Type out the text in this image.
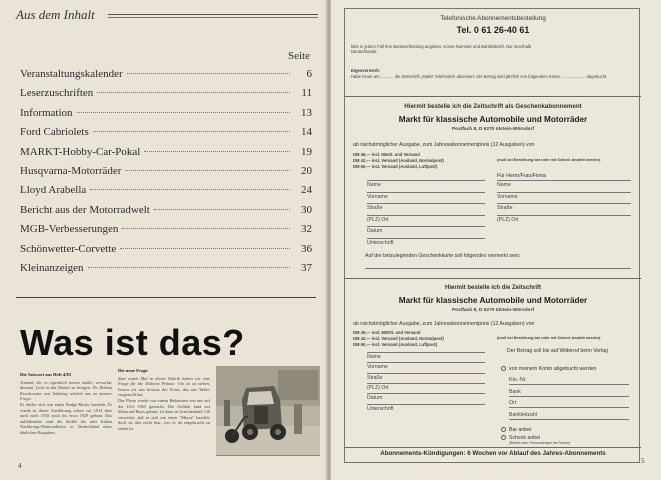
Aus dem Inhalt
Seite
Veranstaltungskalender	6
Leserzuschriften	11
Information	13
Ford Cabriolets	14
MARKT-Hobby-Car-Pokal	19
Husqvarna-Motorräder	20
Lloyd Arabella	24
Bericht aus der Motorradwelt	30
MGB-Verbesserungen	32
Schönwetter-Corvette	36
Kleinanzeigen	37
Was ist das?
Die Antwort aus Heft 4/83
Jemand, der es eigentlich wissen müßte, versuchte diesmal, Licht in das Dunkel zu bringen: Dr. Helmut Krackowizer aus Salzburg schrieb uns zu unserer Frage:
Es dürfte sich um einen Rudge-Motor handeln. Er wurde in dieser Ausführung schon vor 1914 aber auch nach 1918 noch bis etwa 1929 gebaut. Das auffallendste sind die Stößel der sehr frühen Nachkriegs-Motorradkarre in Deutschland eines ähnlichen Baujahres.
Die neue Frage
Zum ersten Mal in dieser Rubrik haben wir eine Frage für die Diskrete Prämie. Um zu zu ziehen, lassen wir uns bestens des Fotos, das uns Weber vorgestellt hat.
Das Photo wurde von einem Bekannten von uns auf der IAA 1963 gemacht. Die Gefährt fand auf Motorrad-Basis gebaut, ist dann in Griechenland 120 verwertet, daß es sich um einen "Meyra" handelt, doch ist dies nicht klar, wer es da eingebracht zu sehen ist.
4
Telefonische Abonnementsbestellung
Tel. 0 61 26-40 61
bitte in jedem Fall Ihre Bankverbindung angeben. Konto-Nummer und Bankleitzahl. Nur innerhalb Deutschlands.
Eigenvermerk:
Habe heute am ........... die Zeitschrift „Markt" telefonisch abonniert; der Betrag wird jährlich von folgendem Konto ..................... abgebucht.
Hiermit bestelle ich die Zeitschrift als Geschenkabonnement
Markt für klassische Automobile und Motorräder
Postfach 8, D 6270 Idstein-Wörsdorf
ab nächstmöglicher Ausgabe, zum Jahresabonnementpreis (12 Ausgaben) von
DM 36,— incl. MwSt. und Versand
DM 42,— incl. Versand (Ausland, Normalpost)
DM 60,— incl. Versand (Ausland, Luftpost)
(muß bei Bestellung bar oder mit Scheck bezahlt werden)
Für Herrn/Frau/Firma
Name
Vorname
Straße
(PLZ) Ort
Datum
Unterschrift
Name
Vorname
Straße
(PLZ) Ort
Auf der beizulegenden Geschenkkarte soll folgendes vermerkt sein:
Hiermit bestelle ich die Zeitschrift
Markt für klassische Automobile und Motorräder
Postfach 8, D 6270 Idstein-Wörsdorf
ab nächstmöglicher Ausgabe, zum Jahresabonnementpreis (12 Ausgaben) von
DM 36,— incl. MWSt. und Versand
DM 42,— incl. Versand (Ausland, Normalpost)
DM 60,— incl. Versand (Ausland, Luftpost)
(muß bei Bestellung bar oder mit Scheck bezahlt werden)
Name
Vorname
Straße
(PLZ) Ort
Datum
Unterschrift
Der Betrag soll bis auf Widerruf beim Verlag
von meinem Konto abgebucht werden
Kto.-Nr.
Bank
Ort
Bankleitzahl
Bar anbei
Scheck anbei
(Betrieb bzw. Firmenstempel bei Firmen)
Abonnements-Kündigungen: 6 Wochen vor Ablauf des Jahres-Abonnements
5
